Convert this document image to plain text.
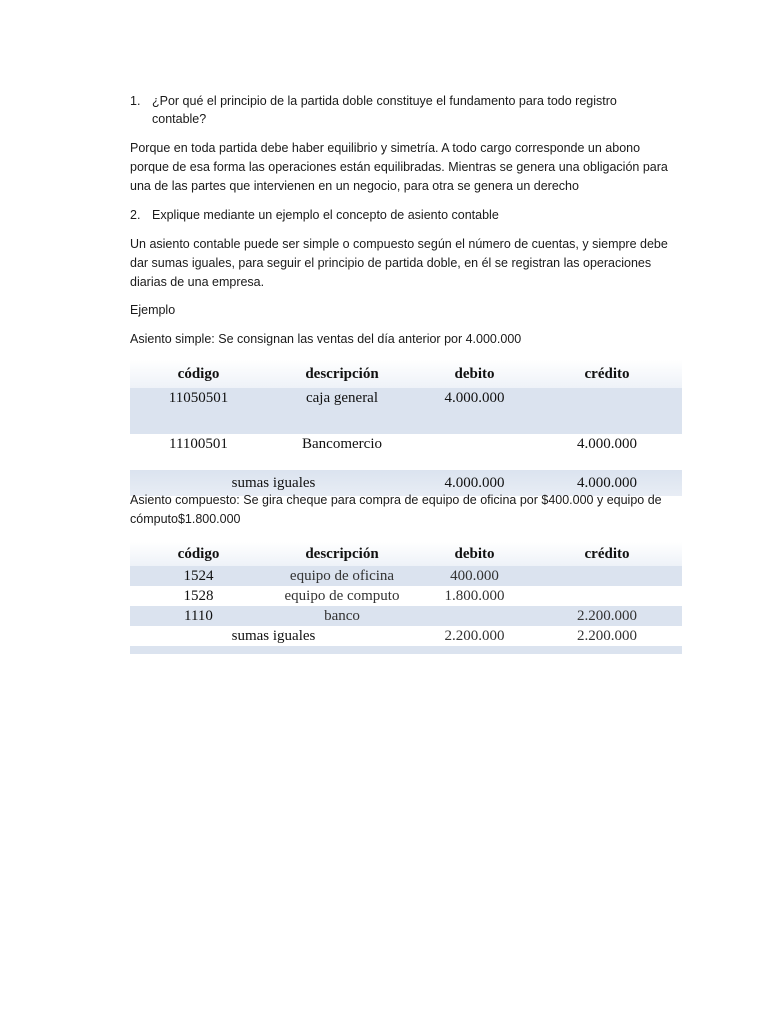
1. ¿Por qué el principio de la partida doble constituye el fundamento para todo registro contable?

Porque en toda partida debe haber equilibrio y simetría. A todo cargo corresponde un abono porque de esa forma las operaciones están equilibradas. Mientras se genera una obligación para una de las partes que intervienen en un negocio, para otra se genera un derecho

2. Explique mediante un ejemplo el concepto de asiento contable

Un asiento contable puede ser simple o compuesto según el número de cuentas, y siempre debe dar sumas iguales, para seguir el principio de partida doble, en él se registran las operaciones diarias de una empresa.

Ejemplo
Asiento simple: Se consignan las ventas del día anterior por 4.000.000
código	descripción	debito	crédito
11050501	caja general	4.000.000	

11100501	Bancomercio		4.000.000

sumas iguales		4.000.000	4.000.000

Asiento compuesto: Se gira cheque para compra de equipo de oficina por $400.000 y equipo de cómputo$1.800.000

código	descripción	debito	crédito
1524	equipo de oficina	400.000	
1528	equipo de computo	1.800.000	
1110	banco		2.200.000
sumas iguales		2.200.000	2.200.000
